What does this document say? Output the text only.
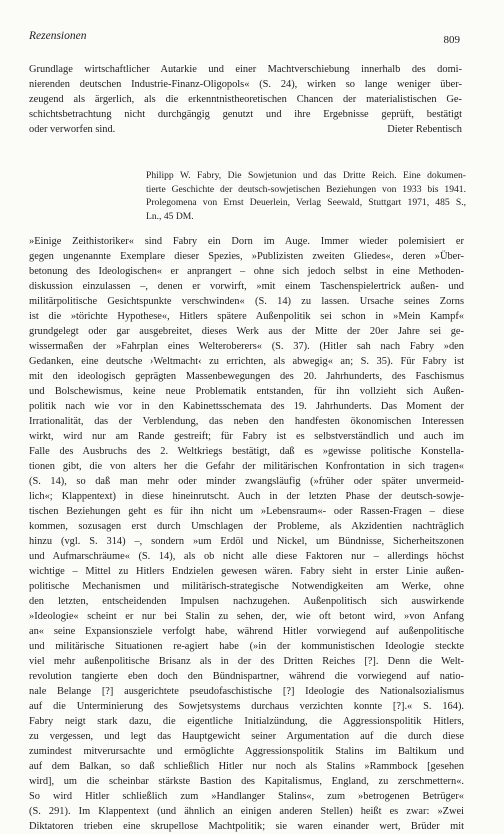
Rezensionen	809
Grundlage wirtschaftlicher Autarkie und einer Machtverschiebung innerhalb des domi-
nierenden deutschen Industrie-Finanz-Oligopols« (S. 24), wirken so lange weniger über-
zeugend als ärgerlich, als die erkenntnistheoretischen Chancen der materialistischen Ge-
schichtsbetrachtung nicht durchgängig genutzt und ihre Ergebnisse geprüft, bestätigt
oder verworfen sind.	Dieter Rebentisch
Philipp W. Fabry, Die Sowjetunion und das Dritte Reich. Eine dokumen-
tierte Geschichte der deutsch-sowjetischen Beziehungen von 1933 bis 1941.
Prolegomena von Ernst Deuerlein, Verlag Seewald, Stuttgart 1971, 485 S.,
Ln., 45 DM.
»Einige Zeithistoriker« sind Fabry ein Dorn im Auge. Immer wieder polemisiert er
gegen ungenannte Exemplare dieser Spezies, »Publizisten zweiten Gliedes«, deren »Über-
betonung des Ideologischen« er anprangert – ohne sich jedoch selbst in eine Methoden-
diskussion einzulassen –, denen er vorwirft, »mit einem Taschenspielertrick außen- und
militärpolitische Gesichtspunkte verschwinden« (S. 14) zu lassen. Ursache seines Zorns
ist die »törichte Hypothese«, Hitlers spätere Außenpolitik sei schon in »Mein Kampf«
grundgelegt oder gar ausgebreitet, dieses Werk aus der Mitte der 20er Jahre sei ge-
wissermaßen der »Fahrplan eines Welteroberers« (S. 37). (Hitler sah nach Fabry »den
Gedanken, eine deutsche ›Weltmacht‹ zu errichten, als abwegig« an; S. 35). Für Fabry ist
mit den ideologisch geprägten Massenbewegungen des 20. Jahrhunderts, des Faschismus
und Bolschewismus, keine neue Problematik entstanden, für ihn vollzieht sich Außen-
politik nach wie vor in den Kabinettsschemata des 19. Jahrhunderts. Das Moment der
Irrationalität, das der Verblendung, das neben den handfesten ökonomischen Interessen
wirkt, wird nur am Rande gestreift; für Fabry ist es selbstverständlich und auch im
Falle des Ausbruchs des 2. Weltkriegs bestätigt, daß es »gewisse politische Konstella-
tionen gibt, die von alters her die Gefahr der militärischen Konfrontation in sich tragen«
(S. 14), so daß man mehr oder minder zwangsläufig (»früher oder später unvermeid-
lich«; Klappentext) in diese hineinrutscht. Auch in der letzten Phase der deutsch-sowje-
tischen Beziehungen geht es für ihn nicht um »Lebensraum«- oder Rassen-Fragen – diese
kommen, sozusagen erst durch Umschlagen der Probleme, als Akzidentien nachträglich
hinzu (vgl. S. 314) –, sondern »um Erdöl und Nickel, um Bündnisse, Sicherheitszonen
und Aufmarschräume« (S. 14), als ob nicht alle diese Faktoren nur – allerdings höchst
wichtige – Mittel zu Hitlers Endzielen gewesen wären. Fabry sieht in erster Linie außen-
politische Mechanismen und militärisch-strategische Notwendigkeiten am Werke, ohne
den letzten, entscheidenden Impulsen nachzugehen. Außenpolitisch sich auswirkende
»Ideologie« scheint er nur bei Stalin zu sehen, der, wie oft betont wird, »von Anfang
an« seine Expansionsziele verfolgt habe, während Hitler vorwiegend auf außenpolitische
und militärische Situationen re-agiert habe (»in der kommunistischen Ideologie steckte
viel mehr außenpolitische Brisanz als in der des Dritten Reiches [?]. Denn die Welt-
revolution tangierte eben doch den Bündnispartner, während die vorwiegend auf natio-
nale Belange [?] ausgerichtete pseudofaschistische [?] Ideologie des Nationalsozialismus
auf die Unterminierung des Sowjetsystems durchaus verzichten konnte [?].« S. 164).
Fabry neigt stark dazu, die eigentliche Initialzündung, die Aggressionspolitik Hitlers,
zu vergessen, und legt das Hauptgewicht seiner Argumentation auf die durch diese
zumindest mitverursachte und ermöglichte Aggressionspolitik Stalins im Baltikum und
auf dem Balkan, so daß schließlich Hitler nur noch als Stalins »Rammbock [gesehen
wird], um die scheinbar stärkste Bastion des Kapitalismus, England, zu zerschmettern«.
So wird Hitler schließlich zum »Handlanger Stalins«, zum »betrogenen Betrüger«
(S. 291). Im Klappentext (und ähnlich an einigen anderen Stellen) heißt es zwar: »Zwei
Diktatoren trieben eine skrupellose Machtpolitik; sie waren einander wert, Brüder mit
